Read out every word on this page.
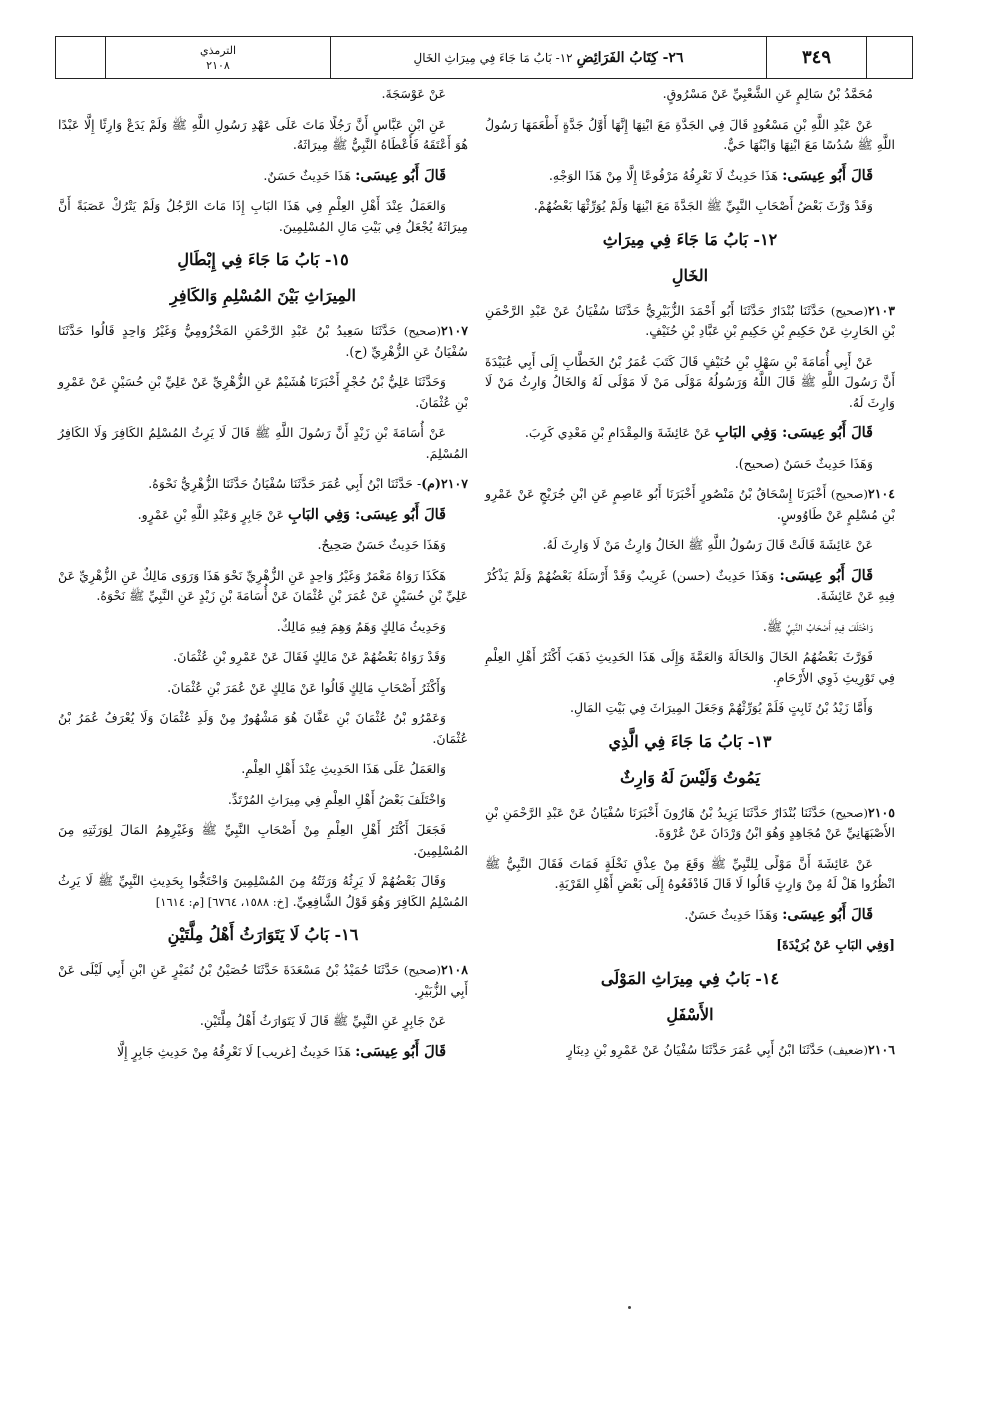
الترمذي
٢١٠٨	٢٦- كِتَابُ الفَرَائِضِ
١٢- بَابُ مَا جَاءَ فِي مِيرَاثِ الخَالِ	٣٤٩

مُحَمَّدُ بْنُ سَالِمٍ عَنِ الشَّعْبِيِّ عَنْ مَسْرُوقٍ.

عَنْ عَبْدِ اللَّهِ بْنِ مَسْعُودٍ قَالَ فِي الجَدَّةِ مَعَ ابْنِهَا إِنَّهَا أَوَّلُ جَدَّةٍ أَطْعَمَهَا رَسُولُ اللَّهِ ﷺ سُدُسًا مَعَ ابْنِهَا وَابْنُهَا حَيٌّ.

قَالَ أَبُو عِيسَى: هَذَا حَدِيثٌ لَا نَعْرِفُهُ مَرْفُوعًا إِلَّا مِنْ هَذَا الوَجْهِ.

وَقَدْ وَرَّثَ بَعْضُ أَصْحَابِ النَّبِيِّ ﷺ الجَدَّةَ مَعَ ابْنِهَا وَلَمْ يُوَرِّثْهَا بَعْضُهُمْ.

١٢- بَابُ مَا جَاءَ فِي مِيرَاثِ
الخَالِ

٢١٠٣(صحيح) حَدَّثَنَا بُنْدَارٌ حَدَّثَنَا أَبُو أَحْمَدَ الزُّبَيْرِيُّ حَدَّثَنَا سُفْيَانُ عَنْ عَبْدِ الرَّحْمَنِ بْنِ الحَارِثِ عَنْ حَكِيمِ بْنِ حَكِيمِ بْنِ عَبَّادِ بْنِ حُنَيْفٍ.

عَنْ أَبِي أُمَامَةَ بْنِ سَهْلِ بْنِ حُنَيْفٍ قَالَ كَتَبَ عُمَرُ بْنُ الخَطَّابِ إِلَى أَبِي عُبَيْدَةَ أَنَّ رَسُولَ اللَّهِ ﷺ قَالَ اللَّهُ وَرَسُولُهُ مَوْلَى مَنْ لَا مَوْلَى لَهُ وَالخَالُ وَارِثُ مَنْ لَا وَارِثَ لَهُ.

قَالَ أَبُو عِيسَى: وَفِي البَابِ عَنْ عَائِشَةَ وَالمِقْدَامِ بْنِ مَعْدِي كَرِبَ.

وَهَذَا حَدِيثٌ حَسَنٌ (صحيح).

٢١٠٤(صحيح) أَخْبَرَنَا إِسْحَاقُ بْنُ مَنْصُورٍ أَخْبَرَنَا أَبُو عَاصِمٍ عَنِ ابْنِ جُرَيْجٍ عَنْ عَمْرِو بْنِ مُسْلِمٍ عَنْ طَاوُوسٍ.

عَنْ عَائِشَةَ قَالَتْ قَالَ رَسُولُ اللَّهِ ﷺ الخَالُ وَارِثُ مَنْ لَا وَارِثَ لَهُ.

قَالَ أَبُو عِيسَى: وَهَذَا حَدِيثٌ (حسن) غَرِيبٌ وَقَدْ أَرْسَلَهُ بَعْضُهُمْ وَلَمْ يَذْكُرْ فِيهِ عَنْ عَائِشَةَ.

وَاخْتَلَفَ فِيهِ أَصْحَابُ النَّبِيِّ ﷺ.

فَوَرَّثَ بَعْضُهُمُ الخَالَ وَالخَالَةَ وَالعَمَّةَ وَإِلَى هَذَا الحَدِيثِ ذَهَبَ أَكْثَرُ أَهْلِ العِلْمِ فِي تَوْرِيثِ ذَوِي الأَرْحَامِ.

وَأَمَّا زَيْدُ بْنُ ثَابِتٍ فَلَمْ يُوَرِّثْهُمْ وَجَعَلَ المِيرَاثَ فِي بَيْتِ المَالِ.

١٣- بَابُ مَا جَاءَ فِي الَّذِي
يَمُوتُ وَلَيْسَ لَهُ وَارِثٌ

٢١٠٥(صحيح) حَدَّثَنَا بُنْدَارٌ حَدَّثَنَا يَزِيدُ بْنُ هَارُونَ أَخْبَرَنَا سُفْيَانُ عَنْ عَبْدِ الرَّحْمَنِ بْنِ الأَصْبَهَانِيِّ عَنْ مُجَاهِدٍ وَهُوَ ابْنُ وَرْدَانَ عَنْ عُرْوَةَ.

عَنْ عَائِشَةَ أَنَّ مَوْلًى لِلنَّبِيِّ ﷺ وَقَعَ مِنْ عِذْقِ نَخْلَةٍ فَمَاتَ فَقَالَ النَّبِيُّ ﷺ انْظُرُوا هَلْ لَهُ مِنْ وَارِثٍ قَالُوا لَا قَالَ فَادْفَعُوهُ إِلَى بَعْضِ أَهْلِ القَرْيَةِ.

قَالَ أَبُو عِيسَى: وَهَذَا حَدِيثٌ حَسَنٌ.

[وَفِي البَابِ عَنْ بُرَيْدَةَ]

١٤- بَابُ فِي مِيرَاثِ المَوْلَى
الأَسْفَلِ

٢١٠٦(ضعيف) حَدَّثَنَا ابْنُ أَبِي عُمَرَ حَدَّثَنَا سُفْيَانُ عَنْ عَمْرِو بْنِ دِينَارٍ

عَنْ عَوْسَجَةَ.

عَنِ ابْنِ عَبَّاسٍ أَنَّ رَجُلًا مَاتَ عَلَى عَهْدِ رَسُولِ اللَّهِ ﷺ وَلَمْ يَدَعْ وَارِثًا إِلَّا عَبْدًا هُوَ أَعْتَقَهُ فَأَعْطَاهُ النَّبِيُّ ﷺ مِيرَاثَهُ.

قَالَ أَبُو عِيسَى: هَذَا حَدِيثٌ حَسَنٌ.

وَالعَمَلُ عِنْدَ أَهْلِ العِلْمِ فِي هَذَا البَابِ إِذَا مَاتَ الرَّجُلُ وَلَمْ يَتْرُكْ عَصَبَةً أَنَّ مِيرَاثَهُ يُجْعَلُ فِي بَيْتِ مَالِ المُسْلِمِينَ.

١٥- بَابُ مَا جَاءَ فِي إِبْطَالِ
المِيرَاثِ بَيْنَ المُسْلِمِ وَالكَافِرِ

٢١٠٧(صحيح) حَدَّثَنَا سَعِيدُ بْنُ عَبْدِ الرَّحْمَنِ المَخْزُومِيُّ وَغَيْرُ وَاحِدٍ قَالُوا حَدَّثَنَا سُفْيَانُ عَنِ الزُّهْرِيِّ (ح).

وَحَدَّثَنَا عَلِيُّ بْنُ حُجْرٍ أَخْبَرَنَا هُشَيْمٌ عَنِ الزُّهْرِيِّ عَنْ عَلِيِّ بْنِ حُسَيْنٍ عَنْ عَمْرِو بْنِ عُثْمَانَ.

عَنْ أُسَامَةَ بْنِ زَيْدٍ أَنَّ رَسُولَ اللَّهِ ﷺ قَالَ لَا يَرِثُ المُسْلِمُ الكَافِرَ وَلَا الكَافِرُ المُسْلِمَ.

٢١٠٧(م)- حَدَّثَنَا ابْنُ أَبِي عُمَرَ حَدَّثَنَا سُفْيَانُ حَدَّثَنَا الزُّهْرِيُّ نَحْوَهُ.

قَالَ أَبُو عِيسَى: وَفِي البَابِ عَنْ جَابِرٍ وَعَبْدِ اللَّهِ بْنِ عَمْرٍو.

وَهَذَا حَدِيثٌ حَسَنٌ صَحِيحٌ.

هَكَذَا رَوَاهُ مَعْمَرٌ وَغَيْرُ وَاحِدٍ عَنِ الزُّهْرِيِّ نَحْوَ هَذَا وَرَوَى مَالِكٌ عَنِ الزُّهْرِيِّ عَنْ عَلِيِّ بْنِ حُسَيْنٍ عَنْ عُمَرَ بْنِ عُثْمَانَ عَنْ أُسَامَةَ بْنِ زَيْدٍ عَنِ النَّبِيِّ ﷺ نَحْوَهُ.

وَحَدِيثُ مَالِكٍ وَهَمٌ وَهِمَ فِيهِ مَالِكٌ.

وَقَدْ رَوَاهُ بَعْضُهُمْ عَنْ مَالِكٍ فَقَالَ عَنْ عَمْرِو بْنِ عُثْمَانَ.

وَأَكْثَرُ أَصْحَابِ مَالِكٍ قَالُوا عَنْ مَالِكٍ عَنْ عُمَرَ بْنِ عُثْمَانَ.

وَعَمْرُو بْنُ عُثْمَانَ بْنِ عَفَّانَ هُوَ مَشْهُورٌ مِنْ وَلَدِ عُثْمَانَ وَلَا يُعْرَفُ عُمَرُ بْنُ عُثْمَانَ.

وَالعَمَلُ عَلَى هَذَا الحَدِيثِ عِنْدَ أَهْلِ العِلْمِ.

وَاخْتَلَفَ بَعْضُ أَهْلِ العِلْمِ فِي مِيرَاثِ المُرْتَدِّ.

فَجَعَلَ أَكْثَرُ أَهْلِ العِلْمِ مِنْ أَصْحَابِ النَّبِيِّ ﷺ وَغَيْرِهِمُ المَالَ لِوَرَثَتِهِ مِنَ المُسْلِمِينَ.

وَقَالَ بَعْضُهُمْ لَا يَرِثُهُ وَرَثَتُهُ مِنَ المُسْلِمِينَ وَاحْتَجُّوا بِحَدِيثِ النَّبِيِّ ﷺ لَا يَرِثُ المُسْلِمُ الكَافِرَ وَهُوَ قَوْلُ الشَّافِعِيِّ. [خ: ١٥٨٨، ٦٧٦٤] [م: ١٦١٤]

١٦- بَابُ لَا يَتَوَارَثُ أَهْلُ مِلَّتَيْنِ

٢١٠٨(صحيح) حَدَّثَنَا حُمَيْدُ بْنُ مَسْعَدَةَ حَدَّثَنَا حُصَيْنُ بْنُ نُمَيْرٍ عَنِ ابْنِ أَبِي لَيْلَى عَنْ أَبِي الزُّبَيْرِ.

عَنْ جَابِرٍ عَنِ النَّبِيِّ ﷺ قَالَ لَا يَتَوَارَثُ أَهْلُ مِلَّتَيْنِ.

قَالَ أَبُو عِيسَى: هَذَا حَدِيثٌ [غريب] لَا نَعْرِفُهُ مِنْ حَدِيثِ جَابِرٍ إِلَّا
